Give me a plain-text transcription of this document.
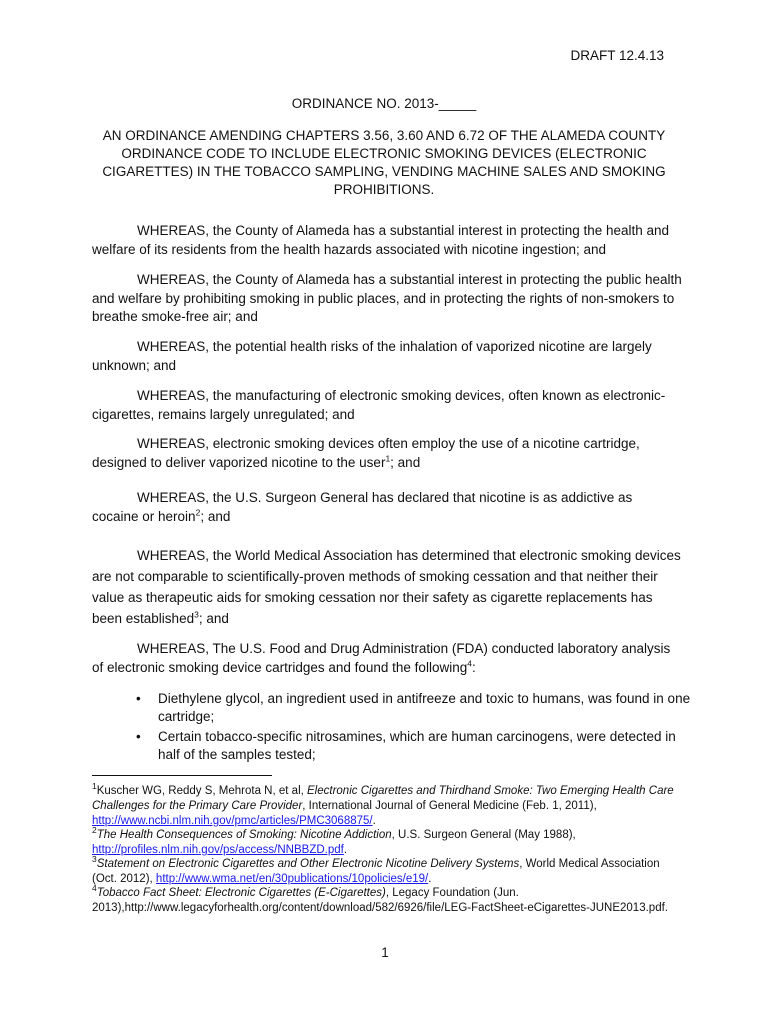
DRAFT 12.4.13
ORDINANCE NO. 2013-_____
AN ORDINANCE AMENDING CHAPTERS 3.56, 3.60 AND 6.72 OF THE ALAMEDA COUNTY ORDINANCE CODE TO INCLUDE ELECTRONIC SMOKING DEVICES (ELECTRONIC CIGARETTES) IN THE TOBACCO SAMPLING, VENDING MACHINE SALES AND SMOKING PROHIBITIONS.
WHEREAS, the County of Alameda has a substantial interest in protecting the health and welfare of its residents from the health hazards associated with nicotine ingestion; and
WHEREAS, the County of Alameda has a substantial interest in protecting the public health and welfare by prohibiting smoking in public places, and in protecting the rights of non-smokers to breathe smoke-free air; and
WHEREAS, the potential health risks of the inhalation of vaporized nicotine are largely unknown; and
WHEREAS, the manufacturing of electronic smoking devices, often known as electronic-cigarettes, remains largely unregulated; and
WHEREAS, electronic smoking devices often employ the use of a nicotine cartridge, designed to deliver vaporized nicotine to the user$^1$; and
WHEREAS, the U.S. Surgeon General has declared that nicotine is as addictive as cocaine or heroin$^2$; and
WHEREAS, the World Medical Association has determined that electronic smoking devices are not comparable to scientifically-proven methods of smoking cessation and that neither their value as therapeutic aids for smoking cessation nor their safety as cigarette replacements has been established$^3$; and
WHEREAS, The U.S. Food and Drug Administration (FDA) conducted laboratory analysis of electronic smoking device cartridges and found the following$^4$:
• Diethylene glycol, an ingredient used in antifreeze and toxic to humans, was found in one cartridge;
• Certain tobacco-specific nitrosamines, which are human carcinogens, were detected in half of the samples tested;
$^1$Kuscher WG, Reddy S, Mehrota N, et al, Electronic Cigarettes and Thirdhand Smoke: Two Emerging Health Care Challenges for the Primary Care Provider, International Journal of General Medicine (Feb. 1, 2011), http://www.ncbi.nlm.nih.gov/pmc/articles/PMC3068875/.
$^2$The Health Consequences of Smoking: Nicotine Addiction, U.S. Surgeon General (May 1988), http://profiles.nlm.nih.gov/ps/access/NNBBZD.pdf.
$^3$Statement on Electronic Cigarettes and Other Electronic Nicotine Delivery Systems, World Medical Association (Oct. 2012), http://www.wma.net/en/30publications/10policies/e19/.
$^4$Tobacco Fact Sheet: Electronic Cigarettes (E-Cigarettes), Legacy Foundation (Jun. 2013),http://www.legacyforhealth.org/content/download/582/6926/file/LEG-FactSheet-eCigarettes-JUNE2013.pdf.
1
